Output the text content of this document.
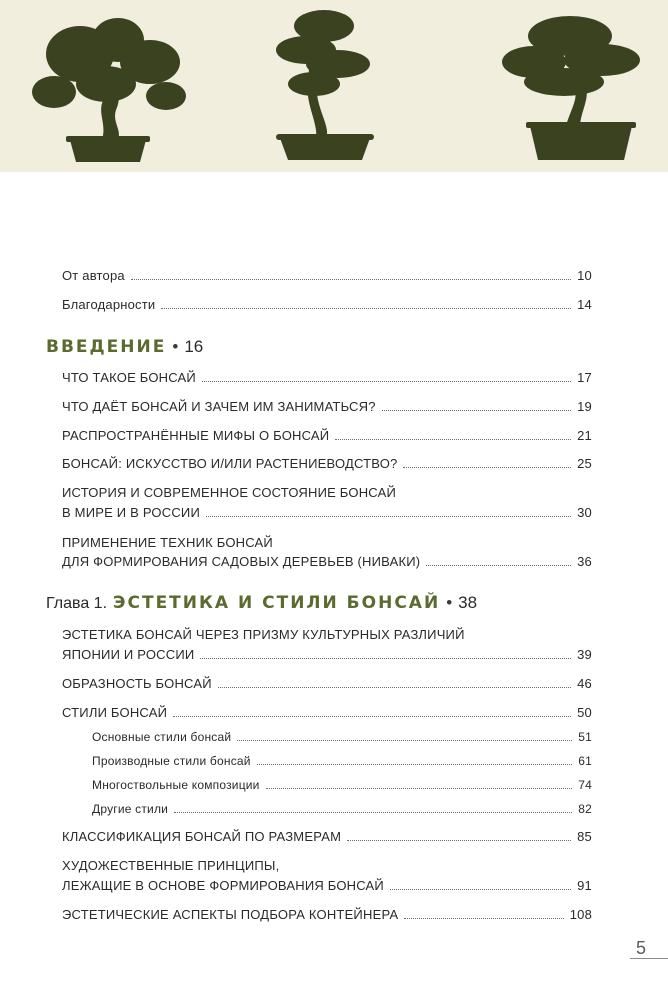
От автора	10
Благодарности	14
ВВЕДЕНИЕ • 16
ЧТО ТАКОЕ БОНСАЙ	17
ЧТО ДАЁТ БОНСАЙ И ЗАЧЕМ ИМ ЗАНИМАТЬСЯ?	19
РАСПРОСТРАНЁННЫЕ МИФЫ О БОНСАЙ	21
БОНСАЙ: ИСКУССТВО И/ИЛИ РАСТЕНИЕВОДСТВО?	25
ИСТОРИЯ И СОВРЕМЕННОЕ СОСТОЯНИЕ БОНСАЙ
В МИРЕ И В РОССИИ	30
ПРИМЕНЕНИЕ ТЕХНИК БОНСАЙ
ДЛЯ ФОРМИРОВАНИЯ САДОВЫХ ДЕРЕВЬЕВ (НИВАКИ)	36
Глава 1. ЭСТЕТИКА И СТИЛИ БОНСАЙ • 38
ЭСТЕТИКА БОНСАЙ ЧЕРЕЗ ПРИЗМУ КУЛЬТУРНЫХ РАЗЛИЧИЙ
ЯПОНИИ И РОССИИ	39
ОБРАЗНОСТЬ БОНСАЙ	46
СТИЛИ БОНСАЙ	50
Основные стили бонсай	51
Производные стили бонсай	61
Многоствольные композиции	74
Другие стили	82
КЛАССИФИКАЦИЯ БОНСАЙ ПО РАЗМЕРАМ	85
ХУДОЖЕСТВЕННЫЕ ПРИНЦИПЫ,
ЛЕЖАЩИЕ В ОСНОВЕ ФОРМИРОВАНИЯ БОНСАЙ	91
ЭСТЕТИЧЕСКИЕ АСПЕКТЫ ПОДБОРА КОНТЕЙНЕРА	108
5
